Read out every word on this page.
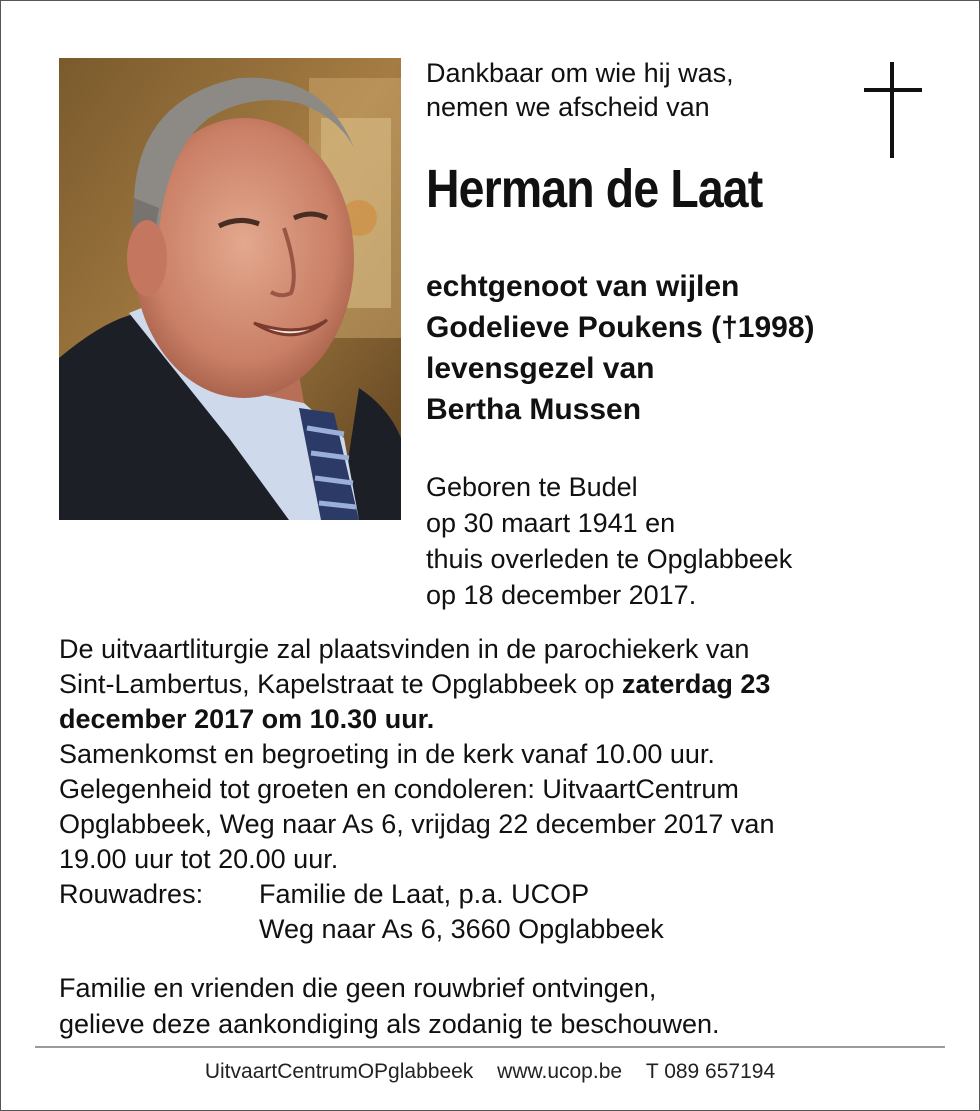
Dankbaar om wie hij was,
nemen we afscheid van
Herman de Laat
echtgenoot van wijlen
Godelieve Poukens (†1998)
levensgezel van
Bertha Mussen
Geboren te Budel
op 30 maart 1941 en
thuis overleden te Opglabbeek
op 18 december 2017.
De uitvaartliturgie zal plaatsvinden in de parochiekerk van
Sint-Lambertus, Kapelstraat te Opglabbeek op zaterdag 23
december 2017 om 10.30 uur.
Samenkomst en begroeting in de kerk vanaf 10.00 uur.
Gelegenheid tot groeten en condoleren: UitvaartCentrum
Opglabbeek, Weg naar As 6, vrijdag 22 december 2017 van
19.00 uur tot 20.00 uur.
Rouwadres: Familie de Laat, p.a. UCOP
Weg naar As 6, 3660 Opglabbeek
Familie en vrienden die geen rouwbrief ontvingen,
gelieve deze aankondiging als zodanig te beschouwen.
UitvaartCentrumOPglabbeek www.ucop.be T 089 657194
